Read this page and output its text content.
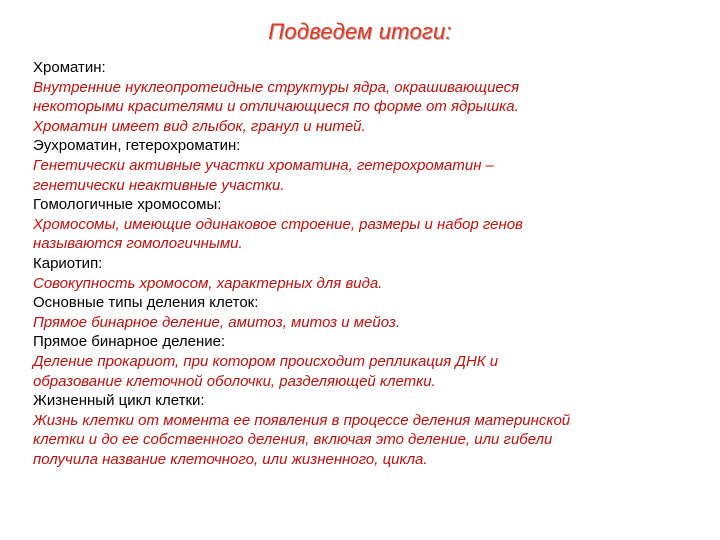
Подведем итоги:
Хроматин:
Внутренние нуклеопротеидные структуры ядра, окрашивающиеся
некоторыми красителями и отличающиеся по форме от ядрышка.
Хроматин имеет вид глыбок, гранул и нитей.
Эухроматин, гетерохроматин:
Генетически активные участки хроматина, гетерохроматин –
генетически неактивные участки.
Гомологичные хромосомы:
Хромосомы, имеющие одинаковое строение, размеры и набор генов
называются гомологичными.
Кариотип:
Совокупность хромосом, характерных для вида.
Основные типы деления клеток:
Прямое бинарное деление, амитоз, митоз и мейоз.
Прямое бинарное деление:
Деление прокариот, при котором происходит репликация ДНК и
образование клеточной оболочки, разделяющей клетки.
Жизненный цикл клетки:
Жизнь клетки от момента ее появления в процессе деления материнской
клетки и до ее собственного деления, включая это деление, или гибели
получила название клеточного, или жизненного, цикла.
